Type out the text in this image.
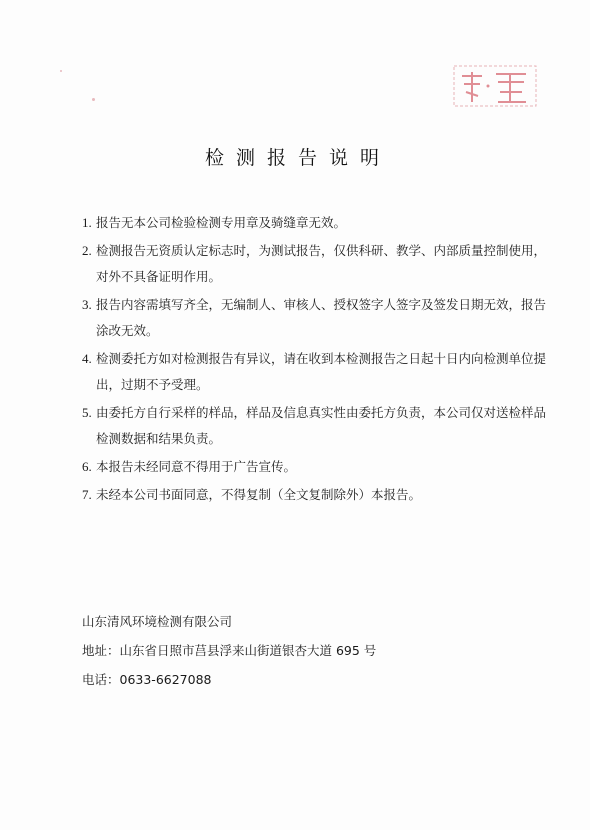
检测报告说明
1. 报告无本公司检验检测专用章及骑缝章无效。
2. 检测报告无资质认定标志时，为测试报告，仅供科研、教学、内部质量控制使用，对外不具备证明作用。
3. 报告内容需填写齐全，无编制人、审核人、授权签字人签字及签发日期无效，报告涂改无效。
4. 检测委托方如对检测报告有异议，请在收到本检测报告之日起十日内向检测单位提出，过期不予受理。
5. 由委托方自行采样的样品，样品及信息真实性由委托方负责，本公司仅对送检样品检测数据和结果负责。
6. 本报告未经同意不得用于广告宣传。
7. 未经本公司书面同意，不得复制（全文复制除外）本报告。
山东清风环境检测有限公司
地址：山东省日照市莒县浮来山街道银杏大道 695 号
电话：0633-6627088
